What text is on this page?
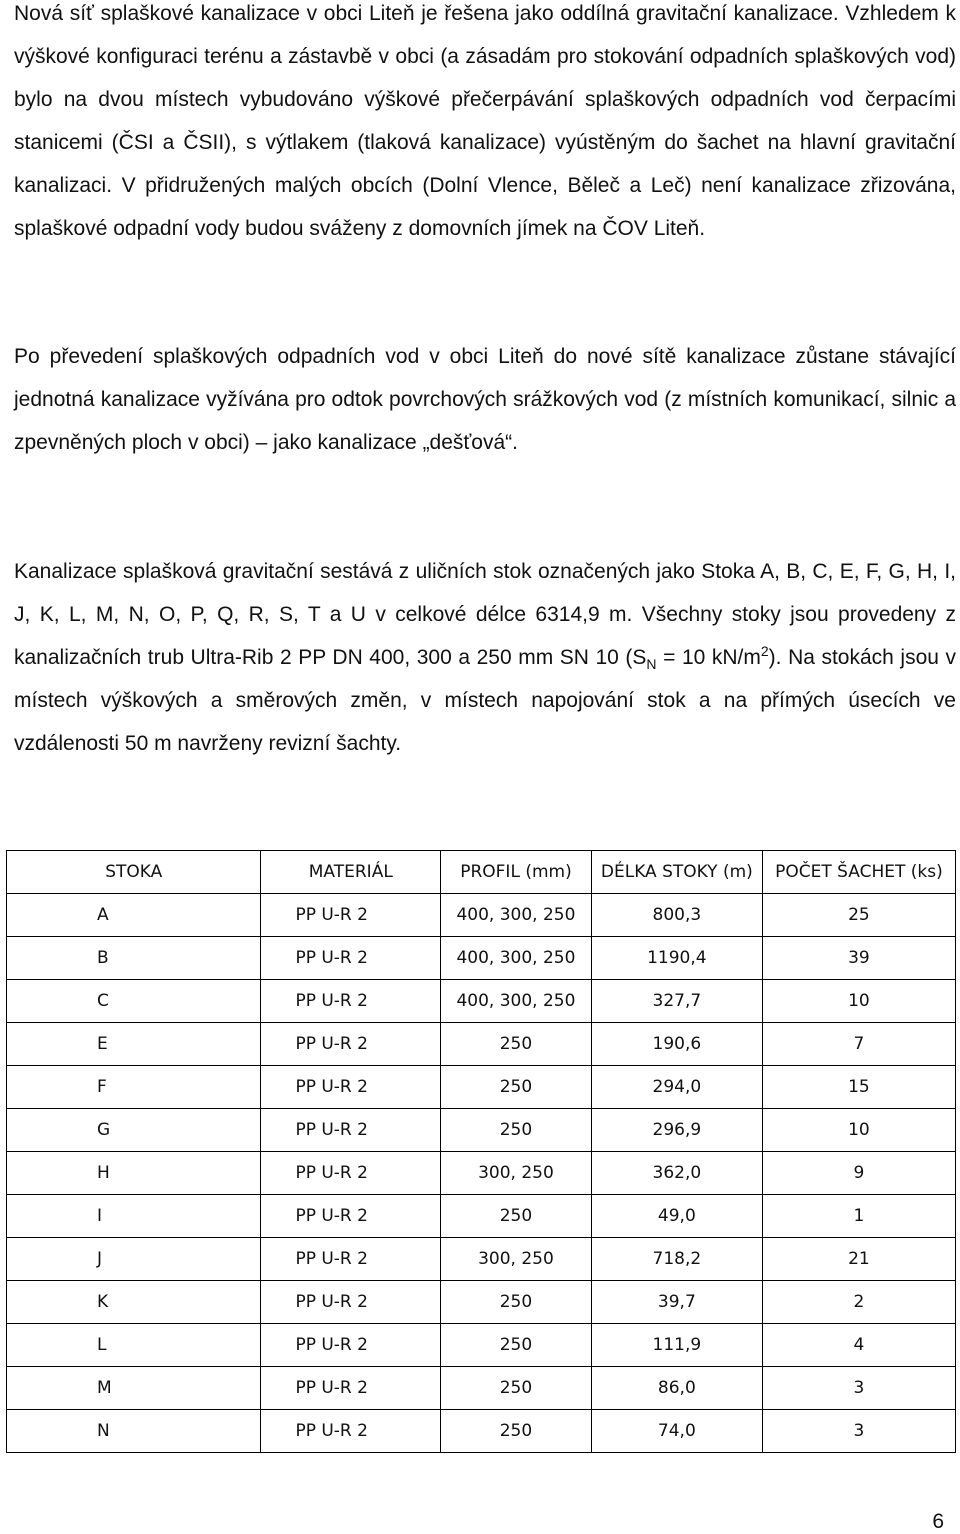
Nová síť splaškové kanalizace v obci Liteň je řešena jako oddílná gravitační kanalizace. Vzhledem k výškové konfiguraci terénu a zástavbě v obci (a zásadám pro stokování odpadních splaškových vod) bylo na dvou místech vybudováno výškové přečerpávání splaškových odpadních vod čerpacími stanicemi (ČSI a ČSII), s výtlakem (tlaková kanalizace) vyústěným do šachet na hlavní gravitační kanalizaci. V přidružených malých obcích (Dolní Vlence, Běleč a Leč) není kanalizace zřizována, splaškové odpadní vody budou sváženy z domovních jímek na ČOV Liteň.

Po převedení splaškových odpadních vod v obci Liteň do nové sítě kanalizace zůstane stávající jednotná kanalizace vyžívána pro odtok povrchových srážkových vod (z místních komunikací, silnic a zpevněných ploch v obci) – jako kanalizace „dešťová“.

Kanalizace splašková gravitační sestává z uličních stok označených jako Stoka A, B, C, E, F, G, H, I, J, K, L, M, N, O, P, Q, R, S, T a U v celkové délce 6314,9 m. Všechny stoky jsou provedeny z kanalizačních trub Ultra-Rib 2 PP DN 400, 300 a 250 mm SN 10 ($S_N = 10$ $kN/m^2$). Na stokách jsou v místech výškových a směrových změn, v místech napojování stok a na přímých úsecích ve vzdálenosti 50 m navrženy revizní šachty.

STOKA	MATERIÁL	PROFIL (mm)	DÉLKA STOKY (m)	POČET ŠACHET (ks)
A	PP U-R 2	400, 300, 250	800,3	25
B	PP U-R 2	400, 300, 250	1190,4	39
C	PP U-R 2	400, 300, 250	327,7	10
E	PP U-R 2	250	190,6	7
F	PP U-R 2	250	294,0	15
G	PP U-R 2	250	296,9	10
H	PP U-R 2	300, 250	362,0	9
I	PP U-R 2	250	49,0	1
J	PP U-R 2	300, 250	718,2	21
K	PP U-R 2	250	39,7	2
L	PP U-R 2	250	111,9	4
M	PP U-R 2	250	86,0	3
N	PP U-R 2	250	74,0	3
6
